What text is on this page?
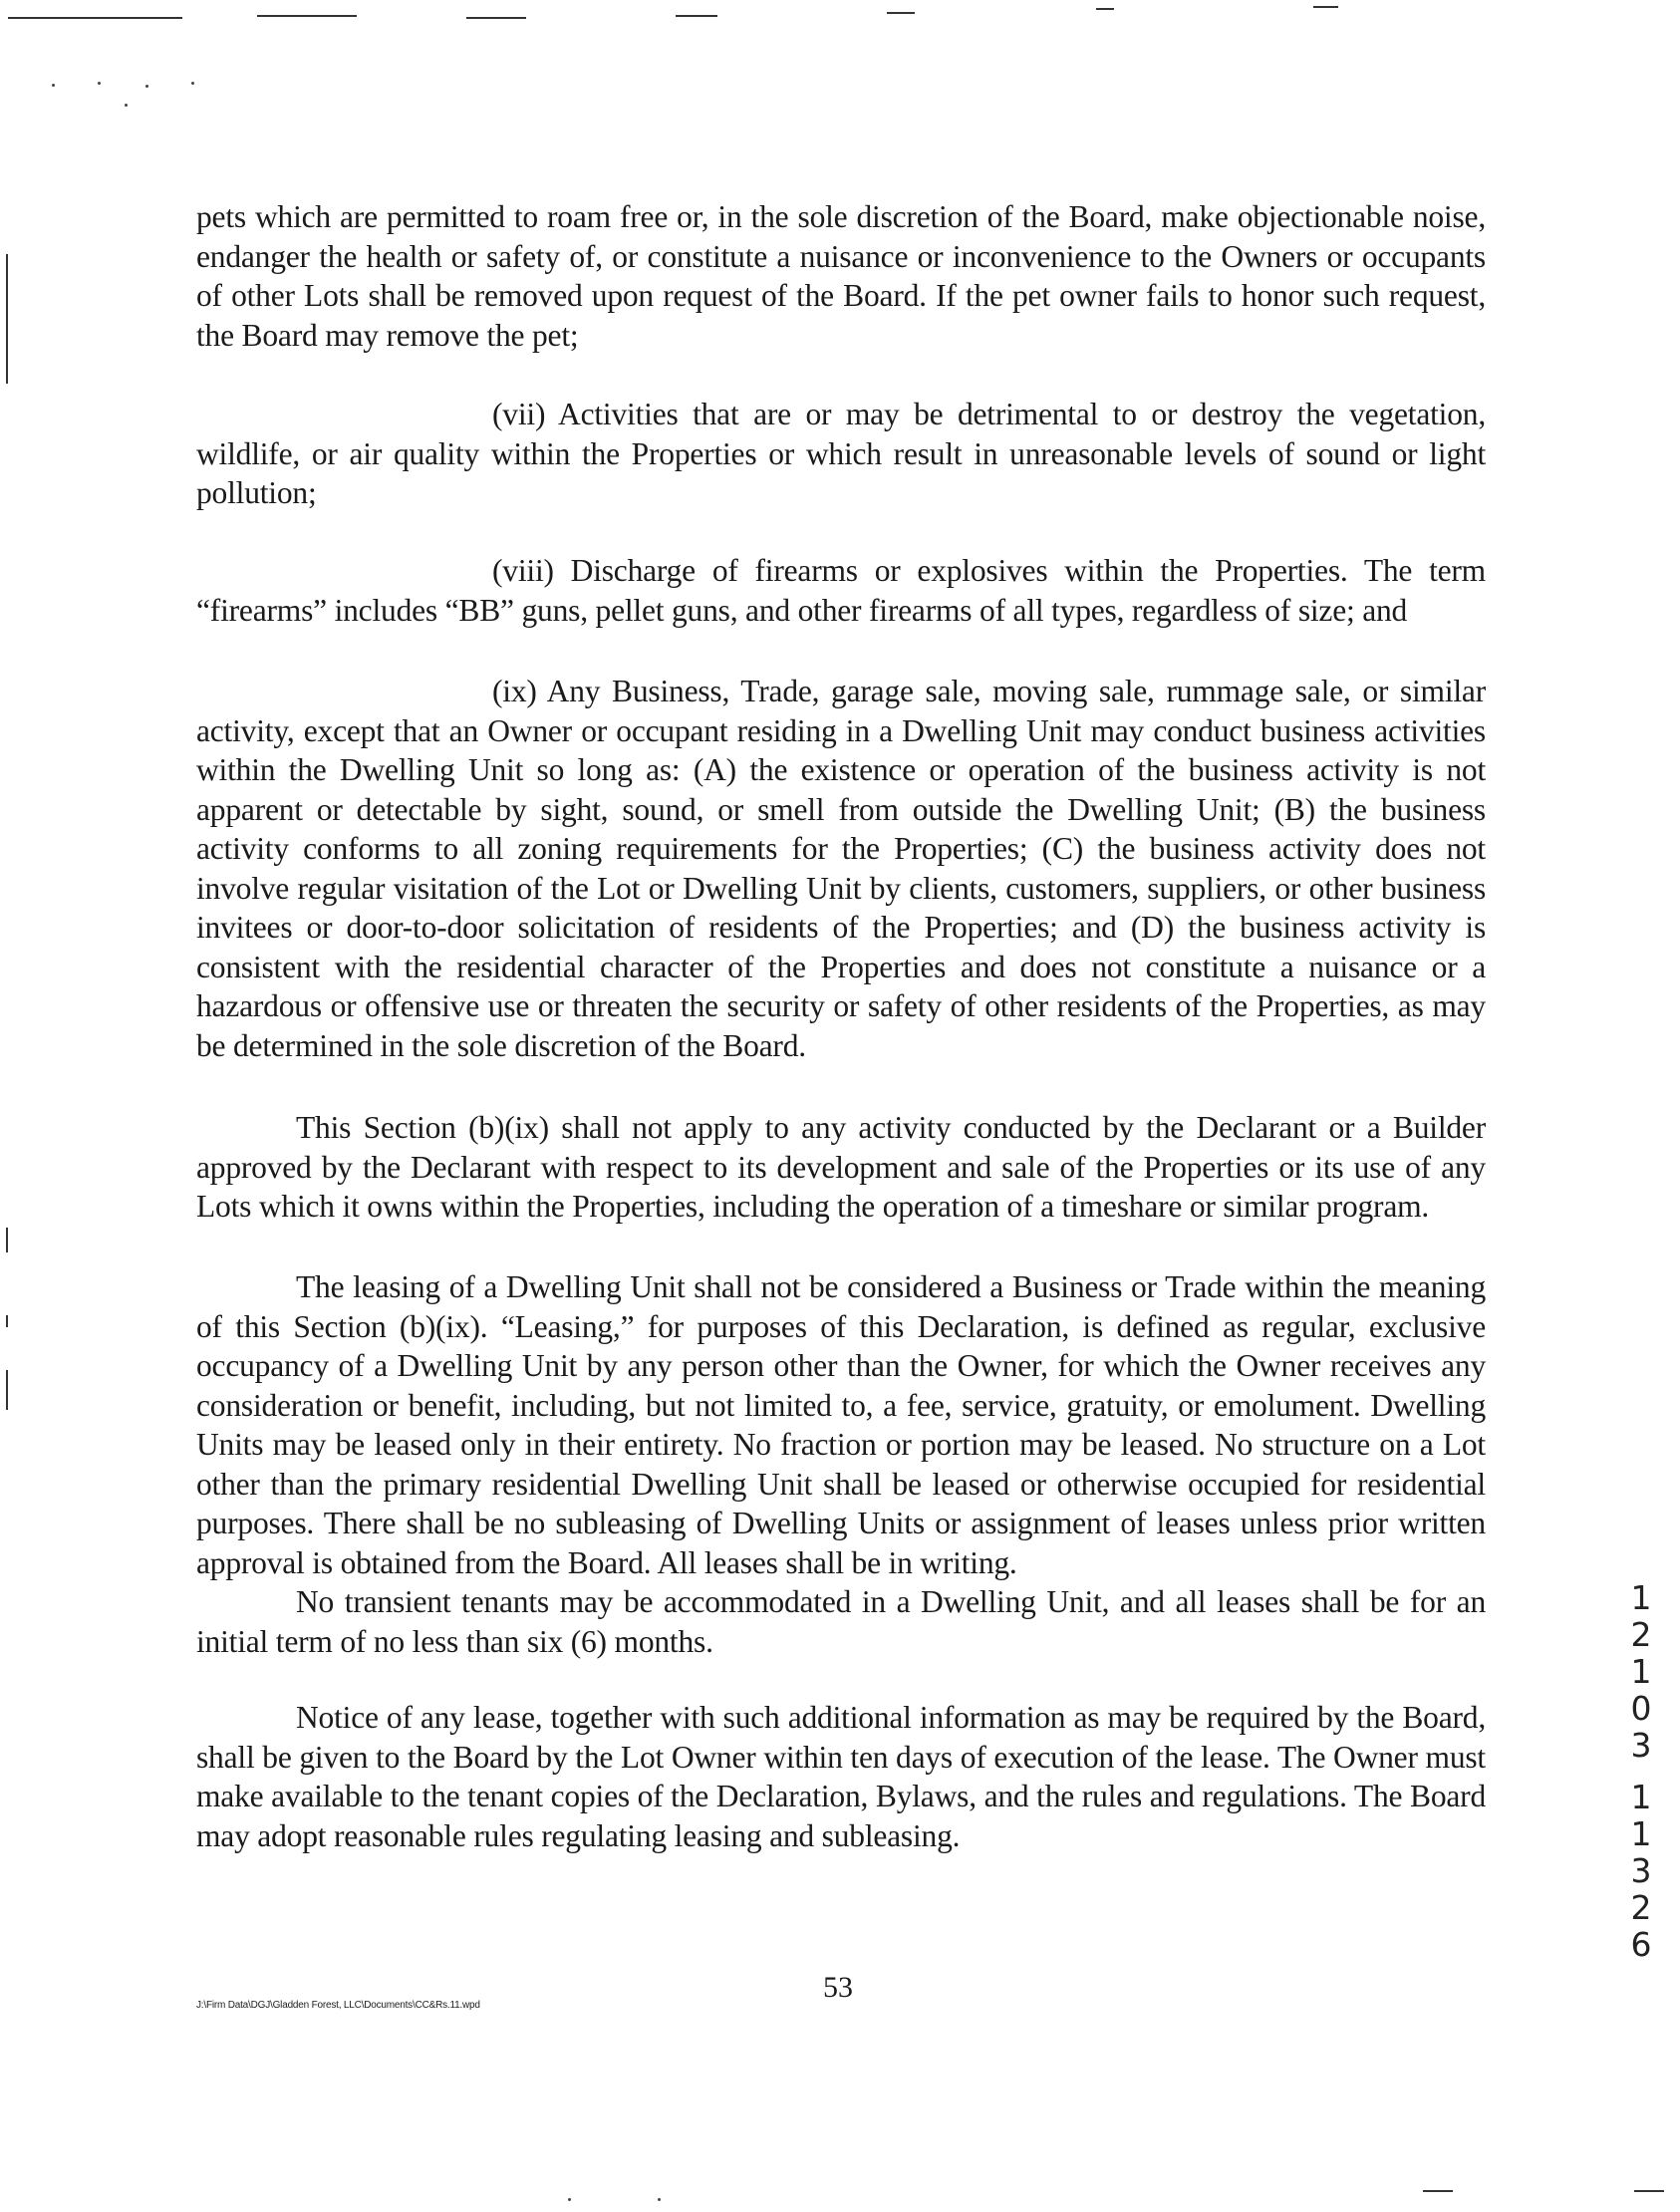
pets which are permitted to roam free or, in the sole discretion of the Board, make objectionable noise, endanger the health or safety of, or constitute a nuisance or inconvenience to the Owners or occupants of other Lots shall be removed upon request of the Board. If the pet owner fails to honor such request, the Board may remove the pet;

(vii) Activities that are or may be detrimental to or destroy the vegetation, wildlife, or air quality within the Properties or which result in unreasonable levels of sound or light pollution;

(viii) Discharge of firearms or explosives within the Properties. The term “firearms” includes “BB” guns, pellet guns, and other firearms of all types, regardless of size; and

(ix) Any Business, Trade, garage sale, moving sale, rummage sale, or similar activity, except that an Owner or occupant residing in a Dwelling Unit may conduct business activities within the Dwelling Unit so long as: (A) the existence or operation of the business activity is not apparent or detectable by sight, sound, or smell from outside the Dwelling Unit; (B) the business activity conforms to all zoning requirements for the Properties; (C) the business activity does not involve regular visitation of the Lot or Dwelling Unit by clients, customers, suppliers, or other business invitees or door-to-door solicitation of residents of the Properties; and (D) the business activity is consistent with the residential character of the Properties and does not constitute a nuisance or a hazardous or offensive use or threaten the security or safety of other residents of the Properties, as may be determined in the sole discretion of the Board.

This Section (b)(ix) shall not apply to any activity conducted by the Declarant or a Builder approved by the Declarant with respect to its development and sale of the Properties or its use of any Lots which it owns within the Properties, including the operation of a timeshare or similar program.

The leasing of a Dwelling Unit shall not be considered a Business or Trade within the meaning of this Section (b)(ix). “Leasing,” for purposes of this Declaration, is defined as regular, exclusive occupancy of a Dwelling Unit by any person other than the Owner, for which the Owner receives any consideration or benefit, including, but not limited to, a fee, service, gratuity, or emolument. Dwelling Units may be leased only in their entirety. No fraction or portion may be leased. No structure on a Lot other than the primary residential Dwelling Unit shall be leased or otherwise occupied for residential purposes. There shall be no subleasing of Dwelling Units or assignment of leases unless prior written approval is obtained from the Board. All leases shall be in writing.

No transient tenants may be accommodated in a Dwelling Unit, and all leases shall be for an initial term of no less than six (6) months.

Notice of any lease, together with such additional information as may be required by the Board, shall be given to the Board by the Lot Owner within ten days of execution of the lease. The Owner must make available to the tenant copies of the Declaration, Bylaws, and the rules and regulations. The Board may adopt reasonable rules regulating leasing and subleasing.

53
J:\Firm Data\DGJ\Gladden Forest, LLC\Documents\CC&Rs.11.wpd
1
2
1
0
3
1
1
3
2
6
